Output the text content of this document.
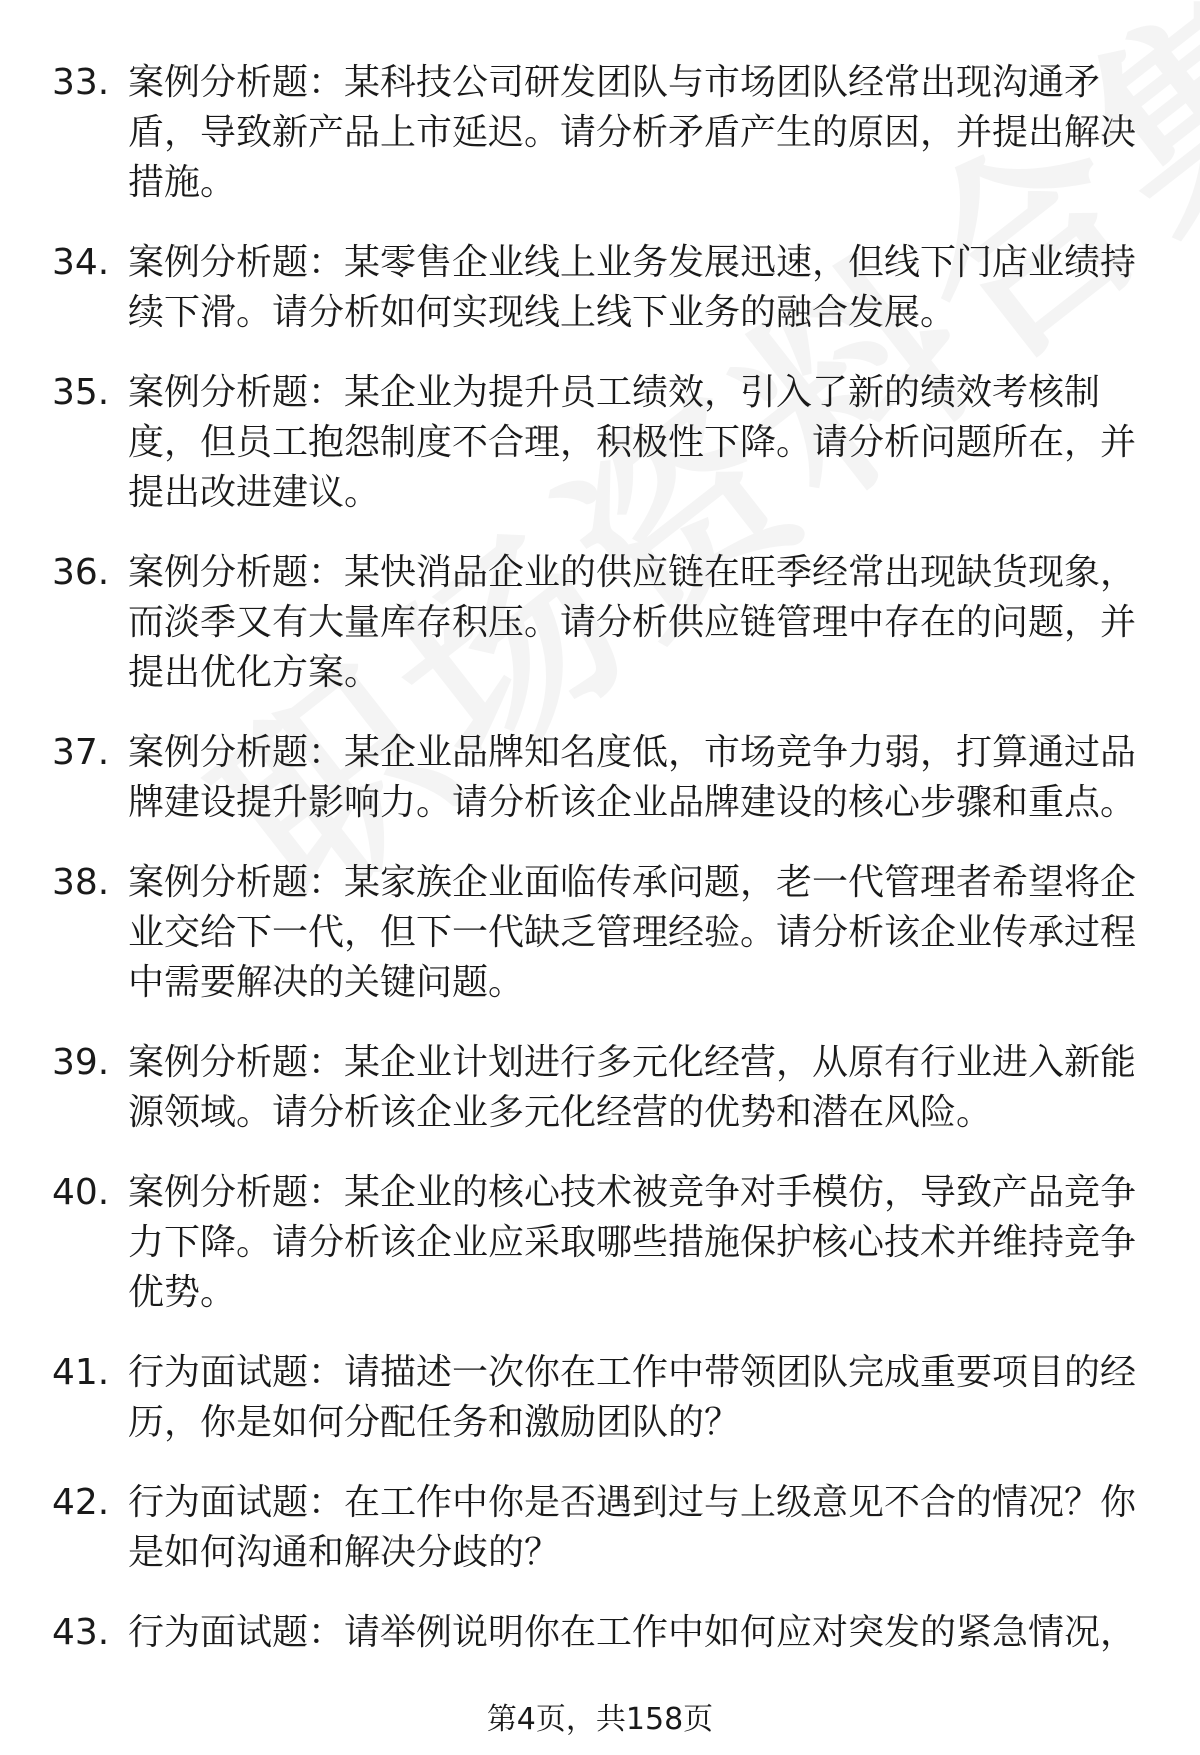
33. 案例分析题：某科技公司研发团队与市场团队经常出现沟通矛盾，导致新产品上市延迟。请分析矛盾产生的原因，并提出解决措施。
34. 案例分析题：某零售企业线上业务发展迅速，但线下门店业绩持续下滑。请分析如何实现线上线下业务的融合发展。
35. 案例分析题：某企业为提升员工绩效，引入了新的绩效考核制度，但员工抱怨制度不合理，积极性下降。请分析问题所在，并提出改进建议。
36. 案例分析题：某快消品企业的供应链在旺季经常出现缺货现象，而淡季又有大量库存积压。请分析供应链管理中存在的问题，并提出优化方案。
37. 案例分析题：某企业品牌知名度低，市场竞争力弱，打算通过品牌建设提升影响力。请分析该企业品牌建设的核心步骤和重点。
38. 案例分析题：某家族企业面临传承问题，老一代管理者希望将企业交给下一代，但下一代缺乏管理经验。请分析该企业传承过程中需要解决的关键问题。
39. 案例分析题：某企业计划进行多元化经营，从原有行业进入新能源领域。请分析该企业多元化经营的优势和潜在风险。
40. 案例分析题：某企业的核心技术被竞争对手模仿，导致产品竞争力下降。请分析该企业应采取哪些措施保护核心技术并维持竞争优势。
41. 行为面试题：请描述一次你在工作中带领团队完成重要项目的经历，你是如何分配任务和激励团队的？
42. 行为面试题：在工作中你是否遇到过与上级意见不合的情况？你是如何沟通和解决分歧的？
43. 行为面试题：请举例说明你在工作中如何应对突发的紧急情况，
第4页，共158页
